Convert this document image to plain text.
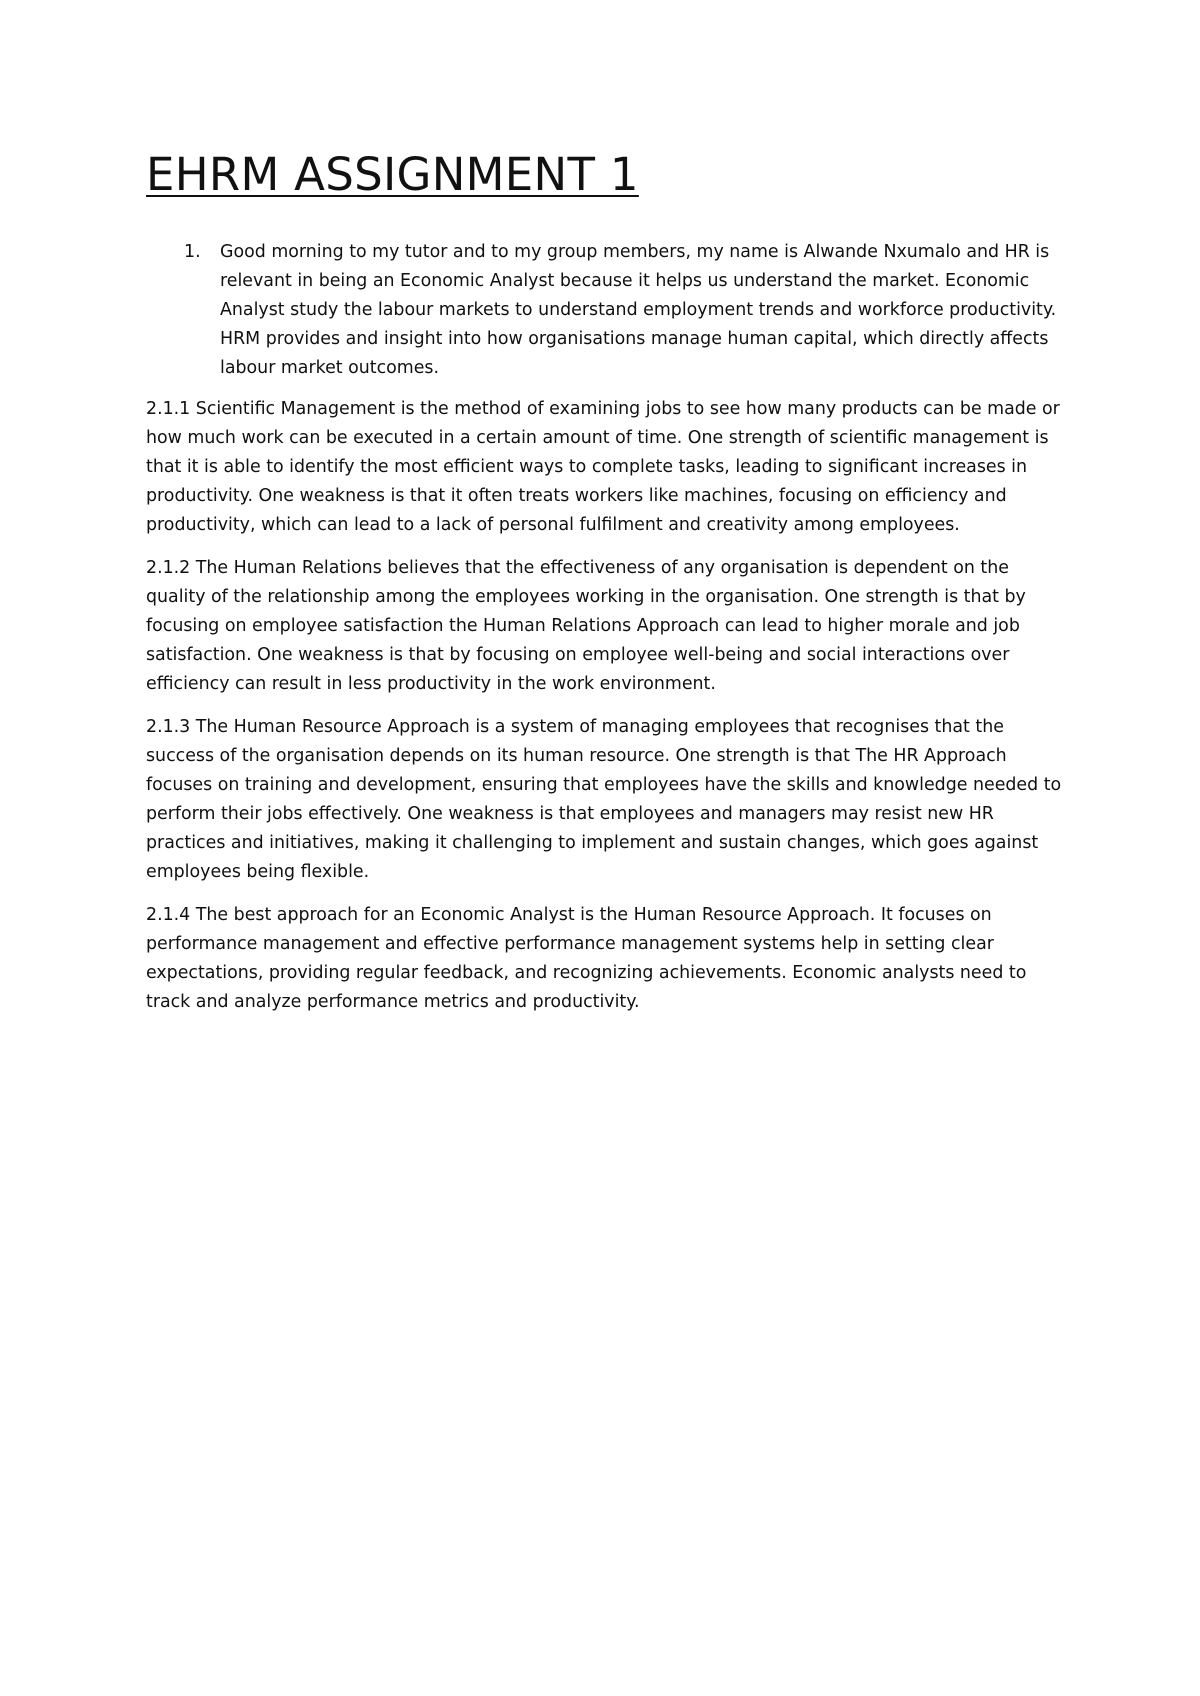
EHRM ASSIGNMENT 1
1.	Good morning to my tutor and to my group members, my name is Alwande Nxumalo and HR is relevant in being an Economic Analyst because it helps us understand the market. Economic Analyst study the labour markets to understand employment trends and workforce productivity. HRM provides and insight into how organisations manage human capital, which directly affects labour market outcomes.

2.1.1 Scientific Management is the method of examining jobs to see how many products can be made or how much work can be executed in a certain amount of time. One strength of scientific management is that it is able to identify the most efficient ways to complete tasks, leading to significant increases in productivity. One weakness is that it often treats workers like machines, focusing on efficiency and productivity, which can lead to a lack of personal fulfilment and creativity among employees.

2.1.2 The Human Relations believes that the effectiveness of any organisation is dependent on the quality of the relationship among the employees working in the organisation. One strength is that by focusing on employee satisfaction the Human Relations Approach can lead to higher morale and job satisfaction. One weakness is that by focusing on employee well-being and social interactions over efficiency can result in less productivity in the work environment.

2.1.3 The Human Resource Approach is a system of managing employees that recognises that the success of the organisation depends on its human resource. One strength is that The HR Approach focuses on training and development, ensuring that employees have the skills and knowledge needed to perform their jobs effectively. One weakness is that employees and managers may resist new HR practices and initiatives, making it challenging to implement and sustain changes, which goes against employees being flexible.

2.1.4 The best approach for an Economic Analyst is the Human Resource Approach. It focuses on performance management and effective performance management systems help in setting clear expectations, providing regular feedback, and recognizing achievements. Economic analysts need to track and analyze performance metrics and productivity.
